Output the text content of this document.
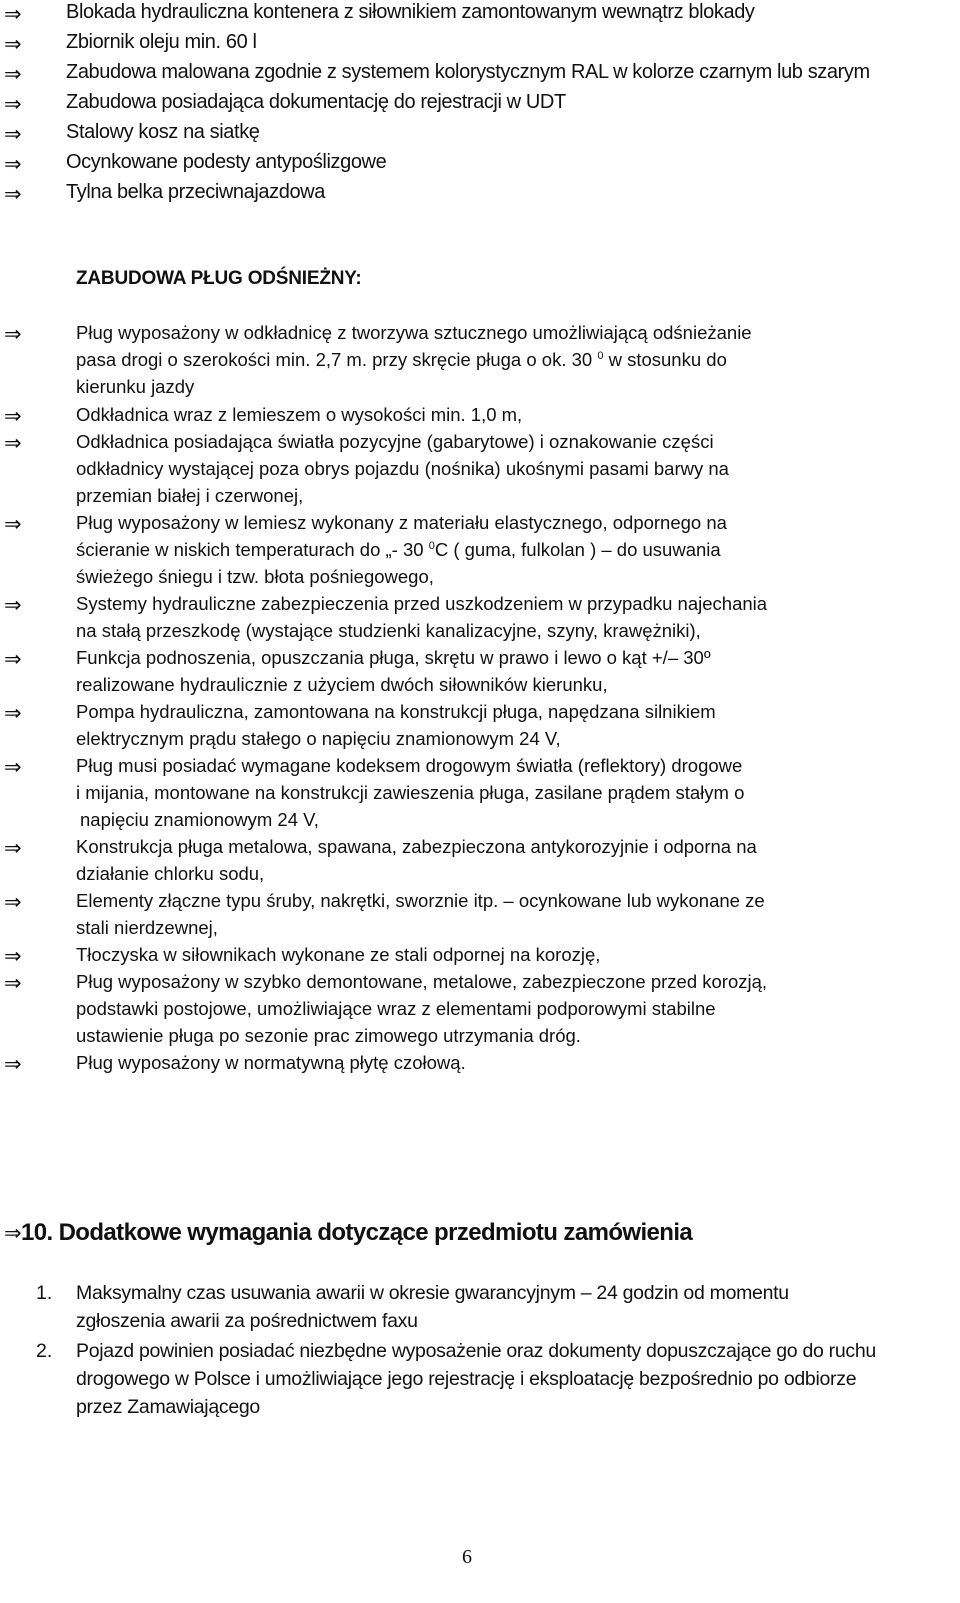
⇒ Blokada hydrauliczna kontenera z siłownikiem zamontowanym wewnątrz blokady
⇒ Zbiornik oleju min. 60 l
⇒ Zabudowa malowana zgodnie z systemem kolorystycznym RAL w kolorze czarnym lub szarym
⇒ Zabudowa posiadająca dokumentację do rejestracji w UDT
⇒ Stalowy kosz na siatkę
⇒ Ocynkowane podesty antypoślizgowe
⇒ Tylna belka przeciwnajazdowa
ZABUDOWA PŁUG ODŚNIEŻNY:
⇒	Pług wyposażony w odkładnicę z tworzywa sztucznego umożliwiającą odśnieżanie
pasa drogi o szerokości min. 2,7 m. przy skręcie pługa o ok. 30 $^0$ w stosunku do
kierunku jazdy
⇒	Odkładnica wraz z lemieszem o wysokości min. 1,0 m,
⇒	Odkładnica posiadająca światła pozycyjne (gabarytowe) i oznakowanie części
odkładnicy wystającej poza obrys pojazdu (nośnika) ukośnymi pasami barwy na
przemian białej i czerwonej,
⇒	Pług wyposażony w lemiesz wykonany z materiału elastycznego, odpornego na
ścieranie w niskich temperaturach do „- 30 $^0$C ( guma, fulkolan ) – do usuwania
świeżego śniegu i tzw. błota pośniegowego,
⇒	Systemy hydrauliczne zabezpieczenia przed uszkodzeniem w przypadku najechania
na stałą przeszkodę (wystające studzienki kanalizacyjne, szyny, krawężniki),
⇒	Funkcja podnoszenia, opuszczania pługa, skrętu w prawo i lewo o kąt +/– 30º
realizowane hydraulicznie z użyciem dwóch siłowników kierunku,
⇒	Pompa hydrauliczna, zamontowana na konstrukcji pługa, napędzana silnikiem
elektrycznym prądu stałego o napięciu znamionowym 24 V,
⇒	Pług musi posiadać wymagane kodeksem drogowym światła (reflektory) drogowe
i mijania, montowane na konstrukcji zawieszenia pługa, zasilane prądem stałym o
napięciu znamionowym 24 V,
⇒	Konstrukcja pługa metalowa, spawana, zabezpieczona antykorozyjnie i odporna na
działanie chlorku sodu,
⇒	Elementy złączne typu śruby, nakrętki, sworznie itp. – ocynkowane lub wykonane ze
stali nierdzewnej,
⇒	Tłoczyska w siłownikach wykonane ze stali odpornej na korozję,
⇒	Pług wyposażony w szybko demontowane, metalowe, zabezpieczone przed korozją,
podstawki postojowe, umożliwiające wraz z elementami podporowymi stabilne
ustawienie pługa po sezonie prac zimowego utrzymania dróg.
⇒	Pług wyposażony w normatywną płytę czołową.
⇒ 10. Dodatkowe wymagania dotyczące przedmiotu zamówienia
1. Maksymalny czas usuwania awarii w okresie gwarancyjnym – 24 godzin od momentu
zgłoszenia awarii za pośrednictwem faxu
2. Pojazd powinien posiadać niezbędne wyposażenie oraz dokumenty dopuszczające go do ruchu
drogowego w Polsce i umożliwiające jego rejestrację i eksploatację bezpośrednio po odbiorze
przez Zamawiającego
6
